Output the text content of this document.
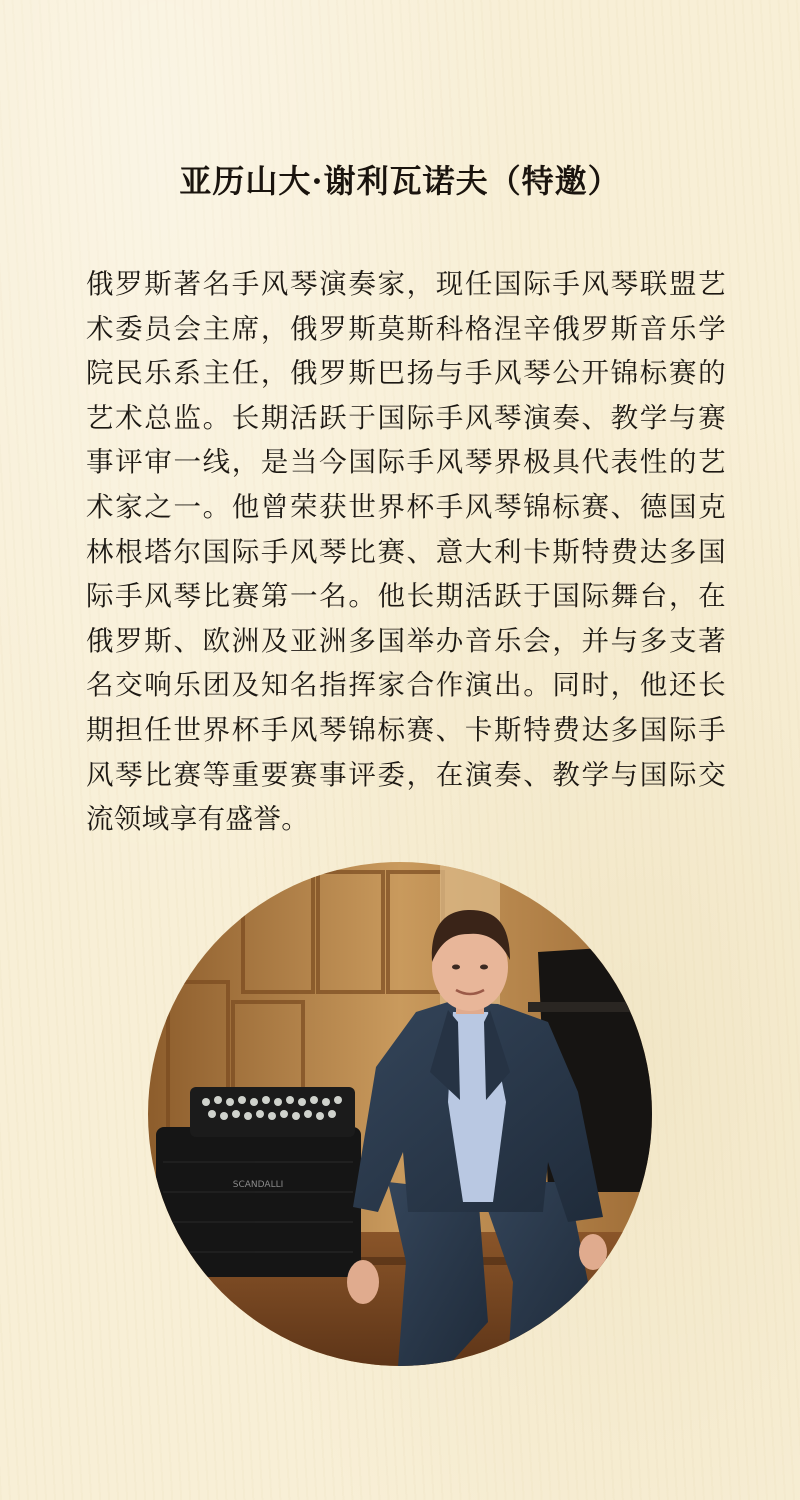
亚历山大·谢利瓦诺夫（特邀）

俄罗斯著名手风琴演奏家，现任国际手风琴联盟艺术委员会主席，俄罗斯莫斯科格涅辛俄罗斯音乐学院民乐系主任，俄罗斯巴扬与手风琴公开锦标赛的艺术总监。长期活跃于国际手风琴演奏、教学与赛事评审一线，是当今国际手风琴界极具代表性的艺术家之一。他曾荣获世界杯手风琴锦标赛、德国克林根塔尔国际手风琴比赛、意大利卡斯特费达多国际手风琴比赛第一名。他长期活跃于国际舞台，在俄罗斯、欧洲及亚洲多国举办音乐会，并与多支著名交响乐团及知名指挥家合作演出。同时，他还长期担任世界杯手风琴锦标赛、卡斯特费达多国际手风琴比赛等重要赛事评委，在演奏、教学与国际交流领域享有盛誉。

SCANDALLI
